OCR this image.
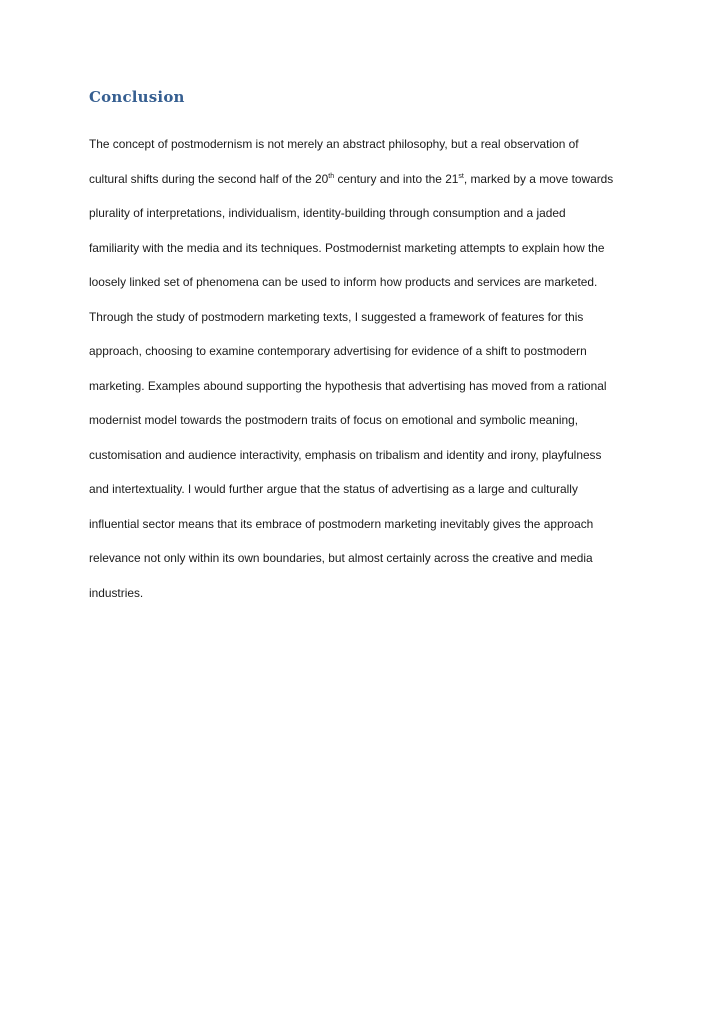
Conclusion
The concept of postmodernism is not merely an abstract philosophy, but a real observation of
cultural shifts during the second half of the 20th century and into the 21st, marked by a move towards
plurality of interpretations, individualism, identity-building through consumption and a jaded
familiarity with the media and its techniques. Postmodernist marketing attempts to explain how the
loosely linked set of phenomena can be used to inform how products and services are marketed.
Through the study of postmodern marketing texts, I suggested a framework of features for this
approach, choosing to examine contemporary advertising for evidence of a shift to postmodern
marketing. Examples abound supporting the hypothesis that advertising has moved from a rational
modernist model towards the postmodern traits of focus on emotional and symbolic meaning,
customisation and audience interactivity, emphasis on tribalism and identity and irony, playfulness
and intertextuality. I would further argue that the status of advertising as a large and culturally
influential sector means that its embrace of postmodern marketing inevitably gives the approach
relevance not only within its own boundaries, but almost certainly across the creative and media
industries.
